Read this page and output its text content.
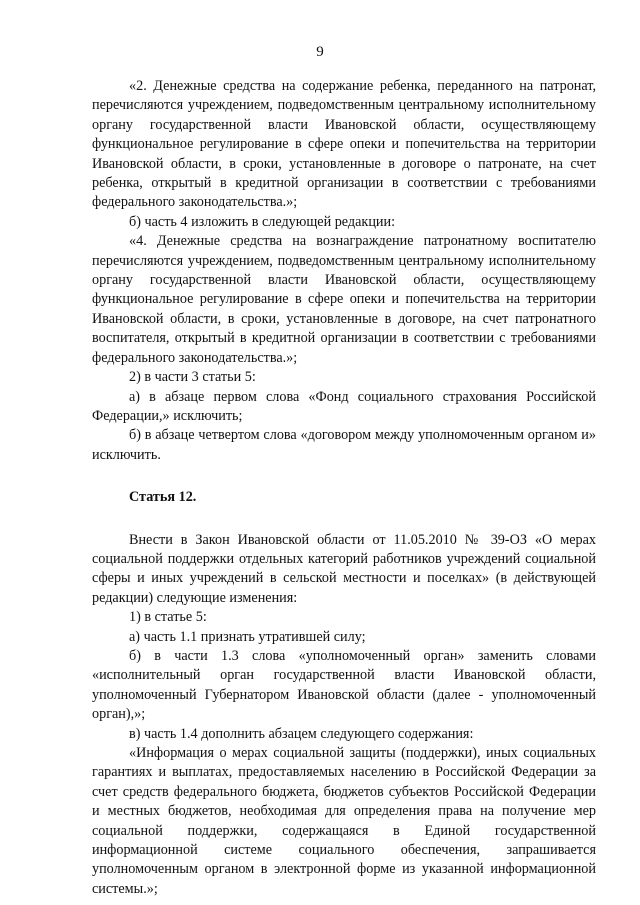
9

«2. Денежные средства на содержание ребенка, переданного на патронат, перечисляются учреждением, подведомственным центральному исполнительному органу государственной власти Ивановской области, осуществляющему функциональное регулирование в сфере опеки и попечительства на территории Ивановской области, в сроки, установленные в договоре о патронате, на счет ребенка, открытый в кредитной организации в соответствии с требованиями федерального законодательства.»;

б) часть 4 изложить в следующей редакции:

«4. Денежные средства на вознаграждение патронатному воспитателю перечисляются учреждением, подведомственным центральному исполнительному органу государственной власти Ивановской области, осуществляющему функциональное регулирование в сфере опеки и попечительства на территории Ивановской области, в сроки, установленные в договоре, на счет патронатного воспитателя, открытый в кредитной организации в соответствии с требованиями федерального законодательства.»;

2) в части 3 статьи 5:

а) в абзаце первом слова «Фонд социального страхования Российской Федерации,» исключить;

б) в абзаце четвертом слова «договором между уполномоченным органом и» исключить.

Статья 12.

Внести в Закон Ивановской области от 11.05.2010 № 39-ОЗ «О мерах социальной поддержки отдельных категорий работников учреждений социальной сферы и иных учреждений в сельской местности и поселках» (в действующей редакции) следующие изменения:

1) в статье 5:

а) часть 1.1 признать утратившей силу;

б) в части 1.3 слова «уполномоченный орган» заменить словами «исполнительный орган государственной власти Ивановской области, уполномоченный Губернатором Ивановской области (далее - уполномоченный орган),»;

в) часть 1.4 дополнить абзацем следующего содержания:

«Информация о мерах социальной защиты (поддержки), иных социальных гарантиях и выплатах, предоставляемых населению в Российской Федерации за счет средств федерального бюджета, бюджетов субъектов Российской Федерации и местных бюджетов, необходимая для определения права на получение мер социальной поддержки, содержащаяся в Единой государственной информационной системе социального обеспечения, запрашивается уполномоченным органом в электронной форме из указанной информационной системы.»;
